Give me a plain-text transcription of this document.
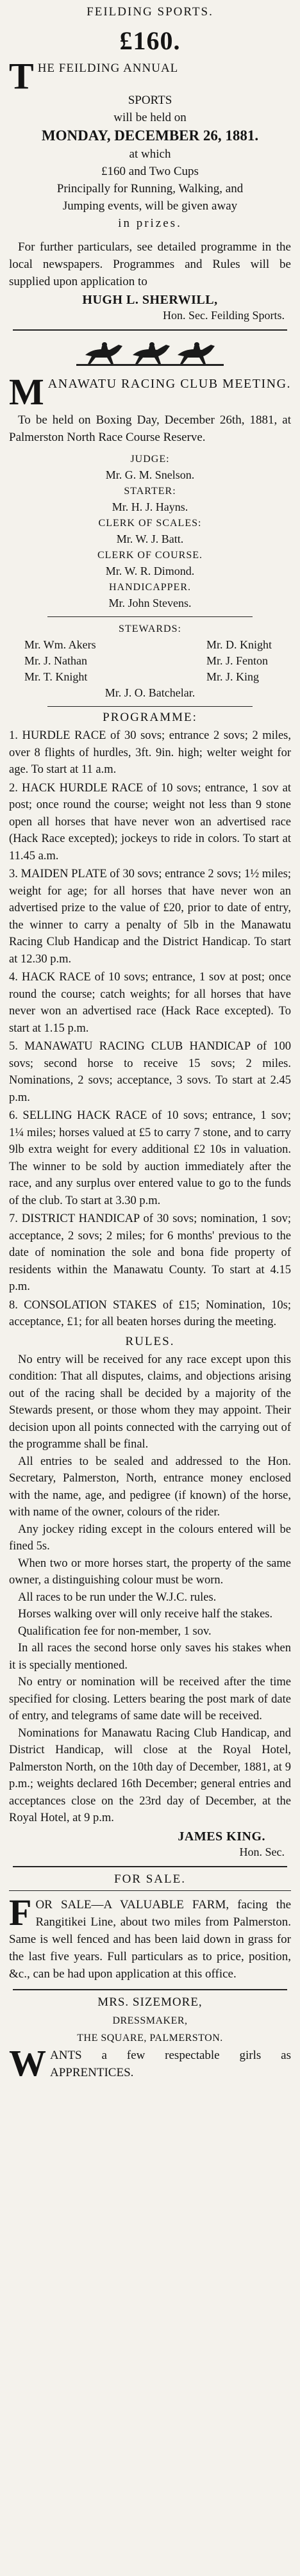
FEILDING SPORTS.
£160.
T HE FEILDING ANNUAL
SPORTS
will be held on
MONDAY, DECEMBER 26, 1881.
at which
£160 and Two Cups
Principally for Running, Walking, and
Jumping events, will be given away
in prizes.

For further particulars, see detailed programme in the local newspapers. Programmes and Rules will be supplied upon application to

HUGH L. SHERWILL,
Hon. Sec. Feilding Sports.
M ANAWATU RACING CLUB MEETING.

To be held on Boxing Day, December 26th, 1881, at Palmerston North Race Course Reserve.

JUDGE:
Mr. G. M. Snelson.
STARTER:
Mr. H. J. Hayns.
CLERK OF SCALES:
Mr. W. J. Batt.
CLERK OF COURSE.
Mr. W. R. Dimond.
HANDICAPPER.
Mr. John Stevens.
STEWARDS:
Mr. Wm. Akers
Mr. J. Nathan
Mr. T. Knight
Mr. D. Knight
Mr. J. Fenton
Mr. J. King
Mr. J. O. Batchelar.
PROGRAMME:

1. HURDLE RACE of 30 sovs; entrance 2 sovs; 2 miles, over 8 flights of hurdles, 3ft. 9in. high; welter weight for age. To start at 11 a.m.

2. HACK HURDLE RACE of 10 sovs; entrance, 1 sov at post; once round the course; weight not less than 9 stone open all horses that have never won an advertised race (Hack Race excepted); jockeys to ride in colors. To start at 11.45 a.m.

3. MAIDEN PLATE of 30 sovs; entrance 2 sovs; 1½ miles; weight for age; for all horses that have never won an advertised prize to the value of £20, prior to date of entry, the winner to carry a penalty of 5lb in the Manawatu Racing Club Handicap and the District Handicap. To start at 12.30 p.m.

4. HACK RACE of 10 sovs; entrance, 1 sov at post; once round the course; catch weights; for all horses that have never won an advertised race (Hack Race excepted). To start at 1.15 p.m.

5. MANAWATU RACING CLUB HANDICAP of 100 sovs; second horse to receive 15 sovs; 2 miles. Nominations, 2 sovs; acceptance, 3 sovs. To start at 2.45 p.m.

6. SELLING HACK RACE of 10 sovs; entrance, 1 sov; 1¼ miles; horses valued at £5 to carry 7 stone, and to carry 9lb extra weight for every additional £2 10s in valuation. The winner to be sold by auction immediately after the race, and any surplus over entered value to go to the funds of the club. To start at 3.30 p.m.

7. DISTRICT HANDICAP of 30 sovs; nomination, 1 sov; acceptance, 2 sovs; 2 miles; for 6 months' previous to the date of nomination the sole and bona fide property of residents within the Manawatu County. To start at 4.15 p.m.

8. CONSOLATION STAKES of £15; Nomination, 10s; acceptance, £1; for all beaten horses during the meeting.

RULES.

No entry will be received for any race except upon this condition: That all disputes, claims, and objections arising out of the racing shall be decided by a majority of the Stewards present, or those whom they may appoint. Their decision upon all points connected with the carrying out of the programme shall be final.

All entries to be sealed and addressed to the Hon. Secretary, Palmerston, North, entrance money enclosed with the name, age, and pedigree (if known) of the horse, with name of the owner, colours of the rider.

Any jockey riding except in the colours entered will be fined 5s.

When two or more horses start, the property of the same owner, a distinguishing colour must be worn.

All races to be run under the W.J.C. rules.

Horses walking over will only receive half the stakes.

Qualification fee for non-member, 1 sov.

In all races the second horse only saves his stakes when it is specially mentioned.

No entry or nomination will be received after the time specified for closing. Letters bearing the post mark of date of entry, and telegrams of same date will be received.

Nominations for Manawatu Racing Club Handicap, and District Handicap, will close at the Royal Hotel, Palmerston North, on the 10th day of December, 1881, at 9 p.m.; weights declared 16th December; general entries and acceptances close on the 23rd day of December, at the Royal Hotel, at 9 p.m.

JAMES KING.
Hon. Sec.
FOR SALE.

F OR SALE—A VALUABLE FARM, facing the Rangitikei Line, about two miles from Palmerston. Same is well fenced and has been laid down in grass for the last five years. Full particulars as to price, position, &c., can be had upon application at this office.

MRS. SIZEMORE,
DRESSMAKER,
THE SQUARE, PALMERSTON.

W ANTS a few respectable girls as APPRENTICES.
